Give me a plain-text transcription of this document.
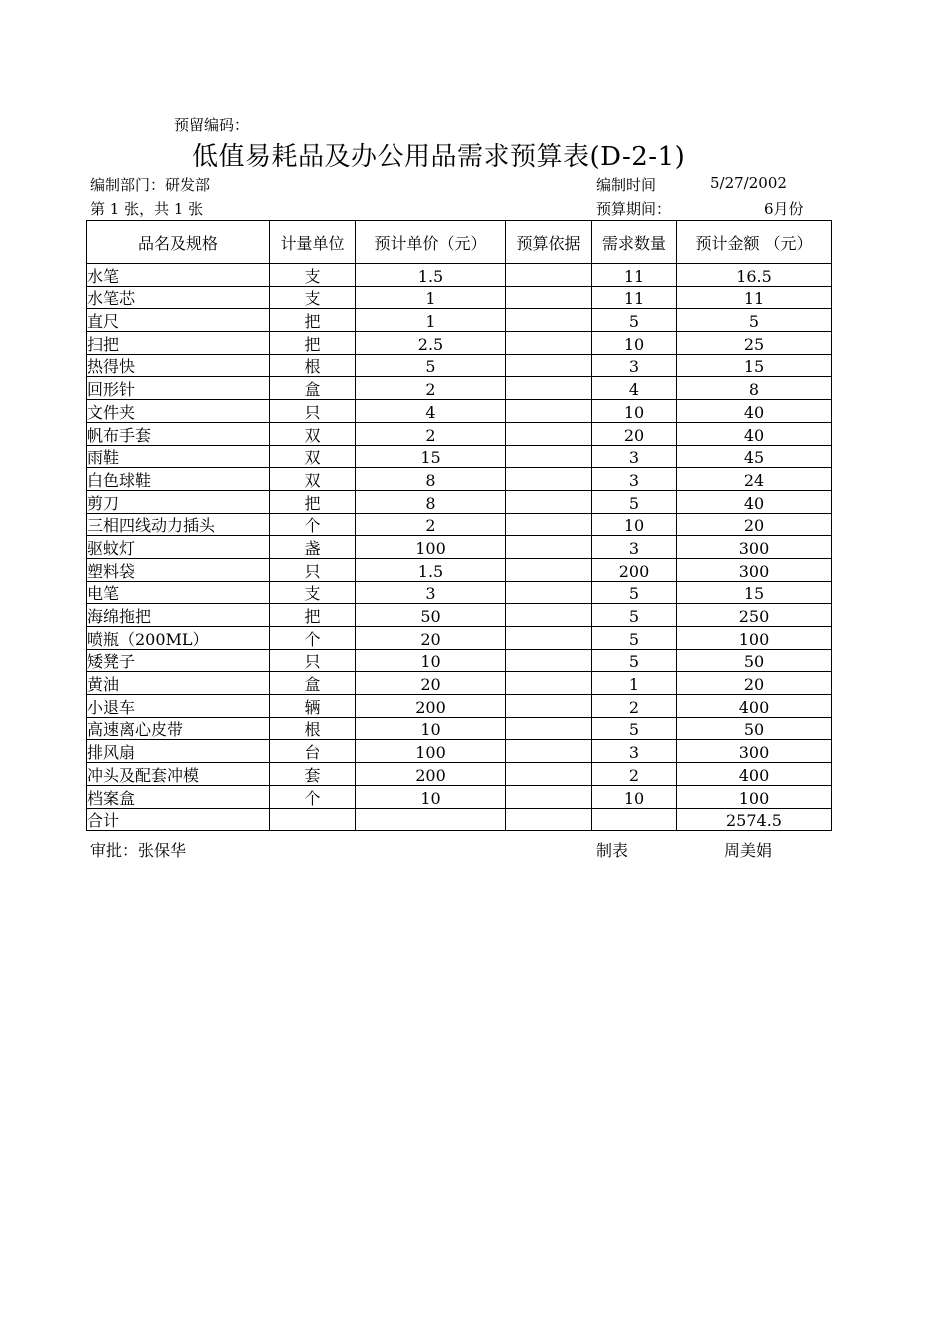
预留编码：
低值易耗品及办公用品需求预算表(D-2-1)
编制部门：研发部	编制时间	5/27/2002
第 1 张，共 1 张	预算期间：	6月份
品名及规格	计量单位	预计单价（元）	预算依据	需求数量	预计金额 （元）
水笔	支	1.5		11	16.5
水笔芯	支	1		11	11
直尺	把	1		5	5
扫把	把	2.5		10	25
热得快	根	5		3	15
回形针	盒	2		4	8
文件夹	只	4		10	40
帆布手套	双	2		20	40
雨鞋	双	15		3	45
白色球鞋	双	8		3	24
剪刀	把	8		5	40
三相四线动力插头	个	2		10	20
驱蚊灯	盏	100		3	300
塑料袋	只	1.5		200	300
电笔	支	3		5	15
海绵拖把	把	50		5	250
喷瓶（200ML）	个	20		5	100
矮凳子	只	10		5	50
黄油	盒	20		1	20
小退车	辆	200		2	400
高速离心皮带	根	10		5	50
排风扇	台	100		3	300
冲头及配套冲模	套	200		2	400
档案盒	个	10		10	100
合计					2574.5
审批：张保华	制表	周美娟
